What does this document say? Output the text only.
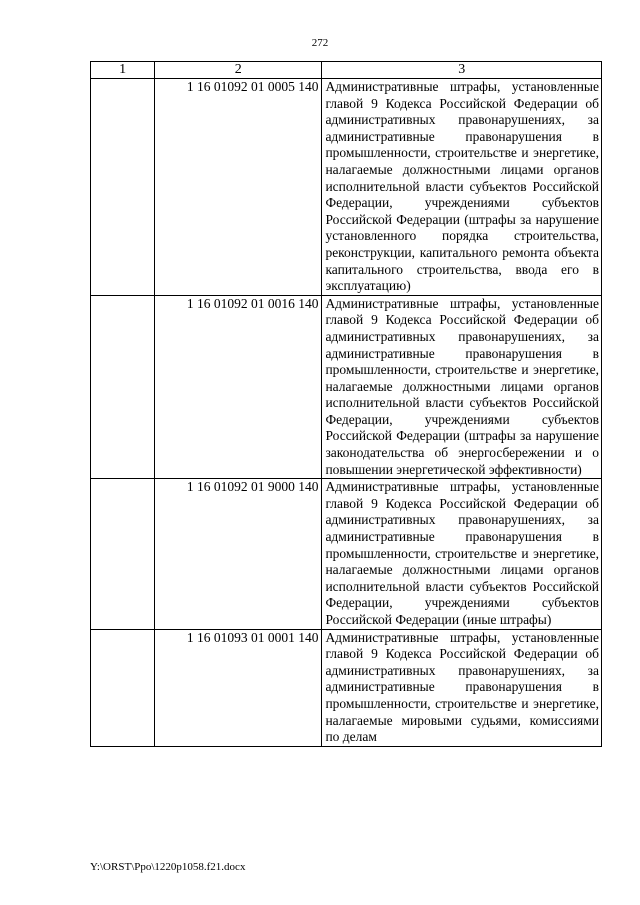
272
1	2	3
	1 16 01092 01 0005 140	Административные штрафы, установленные главой 9 Кодекса Российской Федерации об административных правонарушениях, за административные правонарушения в промышленности, строительстве и энергетике, налагаемые должностными лицами органов исполнительной власти субъектов Российской Федерации, учреждениями субъектов Российской Федерации (штрафы за нарушение установленного порядка строительства, реконструкции, капитального ремонта объекта капитального строительства, ввода его в эксплуатацию)
	1 16 01092 01 0016 140	Административные штрафы, установленные главой 9 Кодекса Российской Федерации об административных правонарушениях, за административные правонарушения в промышленности, строительстве и энергетике, налагаемые должностными лицами органов исполнительной власти субъектов Российской Федерации, учреждениями субъектов Российской Федерации (штрафы за нарушение законодательства об энергосбережении и о повышении энергетической эффективности)
	1 16 01092 01 9000 140	Административные штрафы, установленные главой 9 Кодекса Российской Федерации об административных правонарушениях, за административные правонарушения в промышленности, строительстве и энергетике, налагаемые должностными лицами органов исполнительной власти субъектов Российской Федерации, учреждениями субъектов Российской Федерации (иные штрафы)
	1 16 01093 01 0001 140	Административные штрафы, установленные главой 9 Кодекса Российской Федерации об административных правонарушениях, за административные правонарушения в промышленности, строительстве и энергетике, налагаемые мировыми судьями, комиссиями по делам
Y:\ORST\Ppo\1220p1058.f21.docx
